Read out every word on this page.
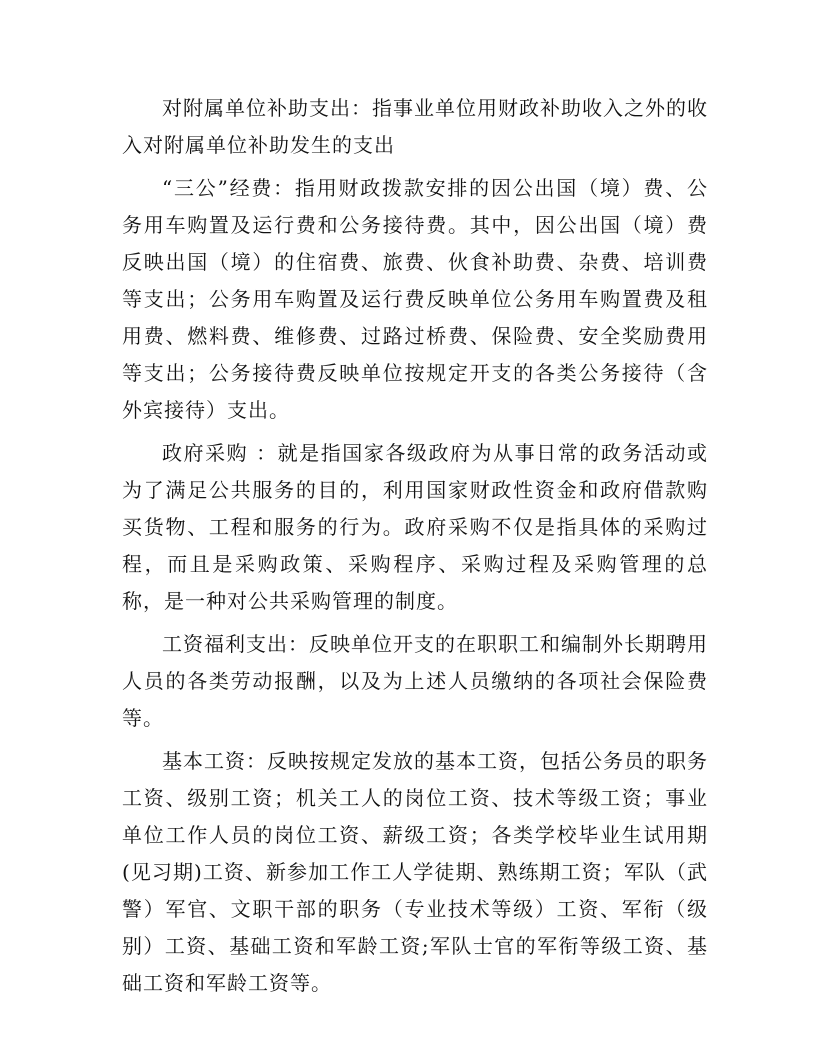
对附属单位补助支出：指事业单位用财政补助收入之外的收入对附属单位补助发生的支出

“三公”经费：指用财政拨款安排的因公出国（境）费、公务用车购置及运行费和公务接待费。其中，因公出国（境）费反映出国（境）的住宿费、旅费、伙食补助费、杂费、培训费等支出；公务用车购置及运行费反映单位公务用车购置费及租用费、燃料费、维修费、过路过桥费、保险费、安全奖励费用等支出；公务接待费反映单位按规定开支的各类公务接待（含外宾接待）支出。

政府采购 ：就是指国家各级政府为从事日常的政务活动或为了满足公共服务的目的，利用国家财政性资金和政府借款购买货物、工程和服务的行为。政府采购不仅是指具体的采购过程，而且是采购政策、采购程序、采购过程及采购管理的总称，是一种对公共采购管理的制度。

工资福利支出：反映单位开支的在职职工和编制外长期聘用人员的各类劳动报酬，以及为上述人员缴纳的各项社会保险费等。

基本工资：反映按规定发放的基本工资，包括公务员的职务工资、级别工资；机关工人的岗位工资、技术等级工资；事业单位工作人员的岗位工资、薪级工资；各类学校毕业生试用期(见习期)工资、新参加工作工人学徒期、熟练期工资；军队（武警）军官、文职干部的职务（专业技术等级）工资、军衔（级别）工资、基础工资和军龄工资;军队士官的军衔等级工资、基础工资和军龄工资等。
